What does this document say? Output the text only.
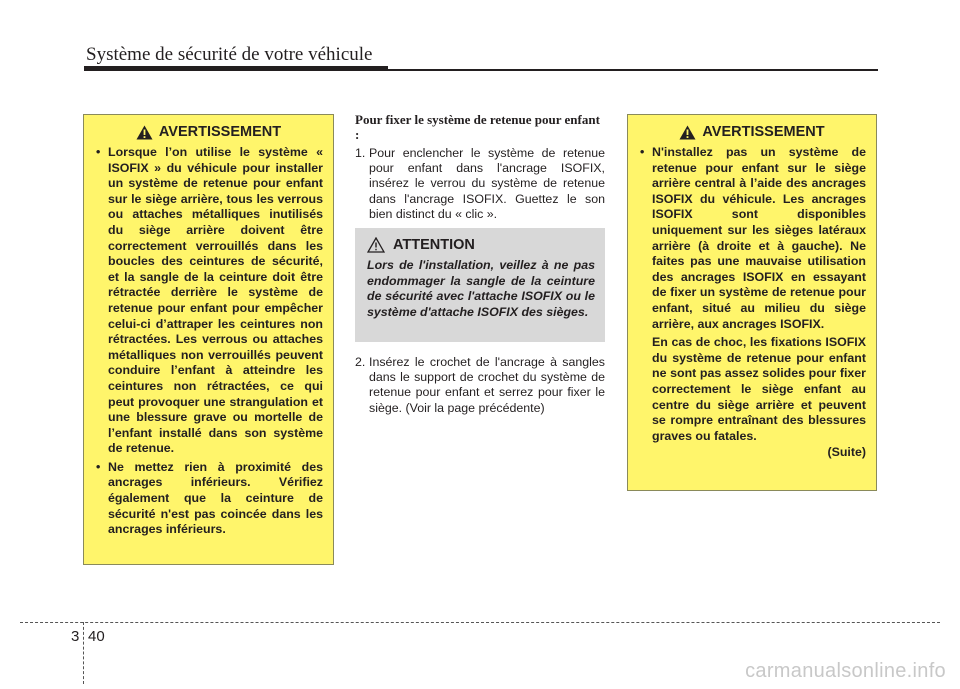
Système de sécurité de votre véhicule
AVERTISSEMENT
• Lorsque l’on utilise le système « ISOFIX » du véhicule pour installer un système de retenue pour enfant sur le siège arrière, tous les verrous ou attaches métalliques inutilisés du siège arrière doivent être correctement verrouillés dans les boucles des ceintures de sécurité, et la sangle de la ceinture doit être rétractée derrière le système de retenue pour enfant pour empêcher celui-ci d’attraper les ceintures non rétractées. Les verrous ou attaches métalliques non verrouillés peuvent conduire l’enfant à atteindre les ceintures non rétractées, ce qui peut provoquer une strangulation et une blessure grave ou mortelle de l’enfant installé dans son système de retenue.
• Ne mettez rien à proximité des ancrages inférieurs. Vérifiez également que la ceinture de sécurité n'est pas coincée dans les ancrages inférieurs.
Pour fixer le système de retenue pour enfant :
1. Pour enclencher le système de retenue pour enfant dans l'ancrage ISOFIX, insérez le verrou du système de retenue dans l'ancrage ISOFIX. Guettez le son bien distinct du « clic ».
ATTENTION
Lors de l'installation, veillez à ne pas endommager la sangle de la ceinture de sécurité avec l'attache ISOFIX ou le système d'attache ISOFIX des sièges.
2. Insérez le crochet de l'ancrage à sangles dans le support de crochet du système de retenue pour enfant et serrez pour fixer le siège. (Voir la page précédente)
AVERTISSEMENT
• N'installez pas un système de retenue pour enfant sur le siège arrière central à l’aide des ancrages ISOFIX du véhicule. Les ancrages ISOFIX sont disponibles uniquement sur les sièges latéraux arrière (à droite et à gauche). Ne faites pas une mauvaise utilisation des ancrages ISOFIX en essayant de fixer un système de retenue pour enfant, situé au milieu du siège arrière, aux ancrages ISOFIX.
En cas de choc, les fixations ISOFIX du système de retenue pour enfant ne sont pas assez solides pour fixer correctement le siège enfant au centre du siège arrière et peuvent se rompre entraînant des blessures graves ou fatales.
(Suite)
3 40
carmanualsonline.info
